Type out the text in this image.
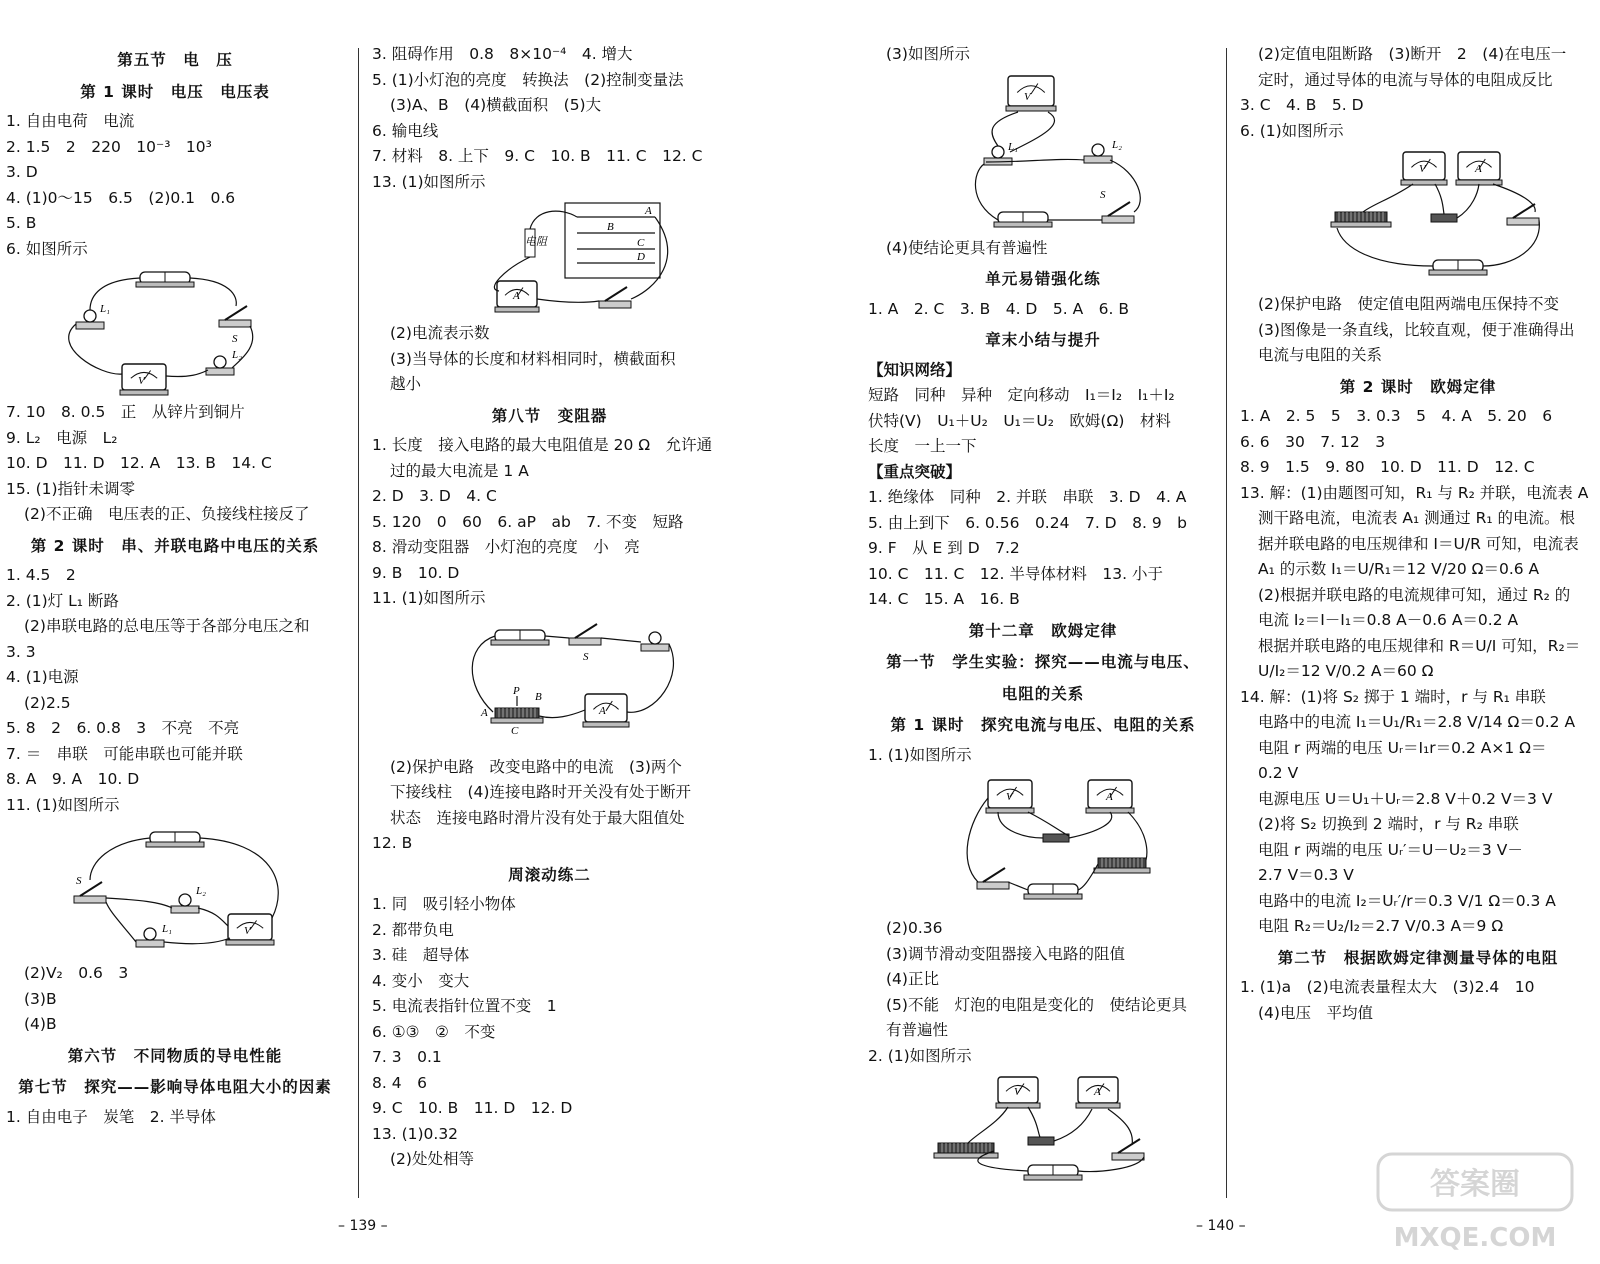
第五节　电　压
第 1 课时　电压　电压表
1. 自由电荷　电流
2. 1.5　2　220　10⁻³　10³
3. D
4. (1)0～15　6.5　(2)0.1　0.6
5. B
6. 如图所示
L₁
S
V
L₂
7. 10　8. 0.5　正　从锌片到铜片
9. L₂　电源　L₂
10. D　11. D　12. A　13. B　14. C
15. (1)指针未调零
(2)不正确　电压表的正、负接线柱接反了
第 2 课时　串、并联电路中电压的关系
1. 4.5　2
2. (1)灯 L₁ 断路
(2)串联电路的总电压等于各部分电压之和
3. 3
4. (1)电源
(2)2.5
5. 8　2　6. 0.8　3　不亮　不亮
7. ＝　串联　可能串联也可能并联
8. A　9. A　10. D
11. (1)如图所示
S
L₂
V
L₁
(2)V₂　0.6　3
(3)B
(4)B
第六节　不同物质的导电性能
第七节　探究——影响导体电阻大小的因素
1. 自由电子　炭笔　2. 半导体
3. 阻碍作用　0.8　8×10⁻⁴　4. 增大
5. (1)小灯泡的亮度　转换法　(2)控制变量法
(3)A、B　(4)横截面积　(5)大
6. 输电线
7. 材料　8. 上下　9. C　10. B　11. C　12. C
13. (1)如图所示
A
B
C
D
电阻
A
(2)电流表示数
(3)当导体的长度和材料相同时，横截面积
越小
第八节　变阻器
1. 长度　接入电路的最大电阻值是 20 Ω　允许通
过的最大电流是 1 A
2. D　3. D　4. C
5. 120　0　60　6. aP　ab　7. 不变　短路
8. 滑动变阻器　小灯泡的亮度　小　亮
9. B　10. D
11. (1)如图所示
S
P
A
C
B
A
(2)保护电路　改变电路中的电流　(3)两个
下接线柱　(4)连接电路时开关没有处于断开
状态　连接电路时滑片没有处于最大阻值处
12. B
周滚动练二
1. 同　吸引轻小物体
2. 都带负电
3. 硅　超导体
4. 变小　变大
5. 电流表指针位置不变　1
6. ①③　②　不变
7. 3　0.1
8. 4　6
9. C　10. B　11. D　12. D
13. (1)0.32
(2)处处相等
(3)如图所示
V
L₁	L₂
S
(4)使结论更具有普遍性
单元易错强化练
1. A　2. C　3. B　4. D　5. A　6. B
章末小结与提升
【知识网络】
短路　同种　异种　定向移动　I₁＝I₂　I₁＋I₂
伏特(V)　U₁＋U₂　U₁＝U₂　欧姆(Ω)　材料
长度　一上一下
【重点突破】
1. 绝缘体　同种　2. 并联　串联　3. D　4. A
5. 由上到下　6. 0.56　0.24　7. D　8. 9　b
9. F　从 E 到 D　7.2
10. C　11. C　12. 半导体材料　13. 小于
14. C　15. A　16. B
第十二章　欧姆定律
第一节　学生实验：探究——电流与电压、
电阻的关系
第 1 课时　探究电流与电压、电阻的关系
1. (1)如图所示
V	A
(2)0.36
(3)调节滑动变阻器接入电路的阻值
(4)正比
(5)不能　灯泡的电阻是变化的　使结论更具
有普遍性
2. (1)如图所示
V	A
(2)定值电阻断路　(3)断开　2　(4)在电压一
定时，通过导体的电流与导体的电阻成反比
3. C　4. B　5. D
6. (1)如图所示
V	A
(2)保护电路　使定值电阻两端电压保持不变
(3)图像是一条直线，比较直观，便于准确得出
电流与电阻的关系
第 2 课时　欧姆定律
1. A　2. 5　5　3. 0.3　5　4. A　5. 20　6
6. 6　30　7. 12　3
8. 9　1.5　9. 80　10. D　11. D　12. C
13. 解：(1)由题图可知，R₁ 与 R₂ 并联，电流表 A
测干路电流，电流表 A₁ 测通过 R₁ 的电流。根
据并联电路的电压规律和 I＝U/R 可知，电流表
A₁ 的示数 I₁＝U/R₁＝12 V/20 Ω＝0.6 A
(2)根据并联电路的电流规律可知，通过 R₂ 的
电流 I₂＝I－I₁＝0.8 A－0.6 A＝0.2 A
根据并联电路的电压规律和 R＝U/I 可知，R₂＝
U/I₂＝12 V/0.2 A＝60 Ω
14. 解：(1)将 S₂ 掷于 1 端时，r 与 R₁ 串联
电路中的电流 I₁＝U₁/R₁＝2.8 V/14 Ω＝0.2 A
电阻 r 两端的电压 Uᵣ＝I₁r＝0.2 A×1 Ω＝
0.2 V
电源电压 U＝U₁＋Uᵣ＝2.8 V＋0.2 V＝3 V
(2)将 S₂ 切换到 2 端时，r 与 R₂ 串联
电阻 r 两端的电压 Uᵣ′＝U－U₂＝3 V－
2.7 V＝0.3 V
电路中的电流 I₂＝Uᵣ′/r＝0.3 V/1 Ω＝0.3 A
电阻 R₂＝U₂/I₂＝2.7 V/0.3 A＝9 Ω
第二节　根据欧姆定律测量导体的电阻
1. (1)a　(2)电流表量程太大　(3)2.4　10
(4)电压　平均值
– 139 –	– 140 –
答案圈
MXQE.COM
